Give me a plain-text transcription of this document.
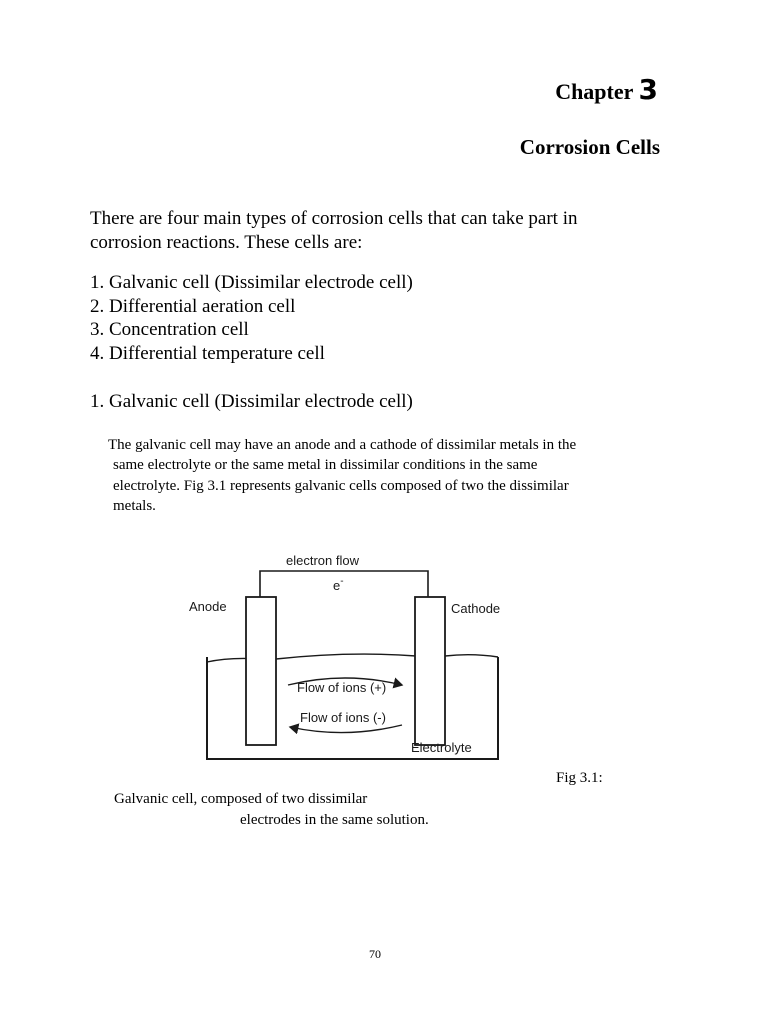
Chapter 3
Corrosion Cells

There are four main types of corrosion cells that can take part in
corrosion reactions. These cells are:

1. Galvanic cell (Dissimilar electrode cell)
2. Differential aeration cell
3. Concentration cell
4. Differential temperature cell
1. Galvanic cell (Dissimilar electrode cell)

The galvanic cell may have an anode and a cathode of dissimilar metals in the
same electrolyte or the same metal in dissimilar conditions in the same
electrolyte. Fig 3.1 represents galvanic cells composed of two the dissimilar
metals.

electron flow
e-
Anode	Cathode
Flow of ions (+)
Flow of ions (-)
Electrolyte

Fig 3.1:

Galvanic cell, composed of two dissimilar

electrodes in the same solution.

70
